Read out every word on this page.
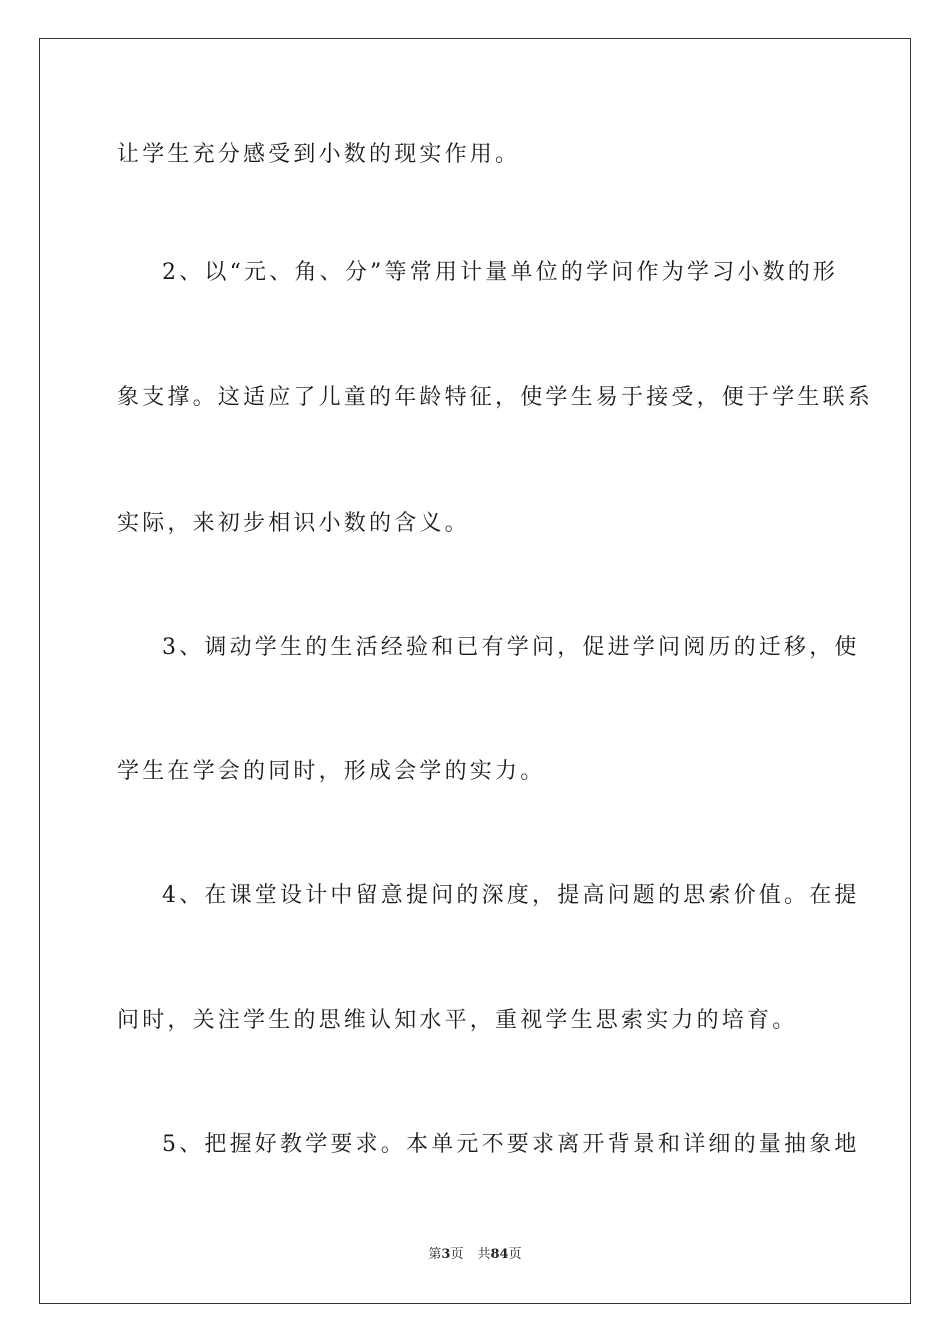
让学生充分感受到小数的现实作用。
2、以“元、角、分”等常用计量单位的学问作为学习小数的形
象支撑。这适应了儿童的年龄特征，使学生易于接受，便于学生联系
实际，来初步相识小数的含义。
3、调动学生的生活经验和已有学问，促进学问阅历的迁移，使
学生在学会的同时，形成会学的实力。
4、在课堂设计中留意提问的深度，提高问题的思索价值。在提
问时，关注学生的思维认知水平，重视学生思索实力的培育。
5、把握好教学要求。本单元不要求离开背景和详细的量抽象地
第3页 共84页
